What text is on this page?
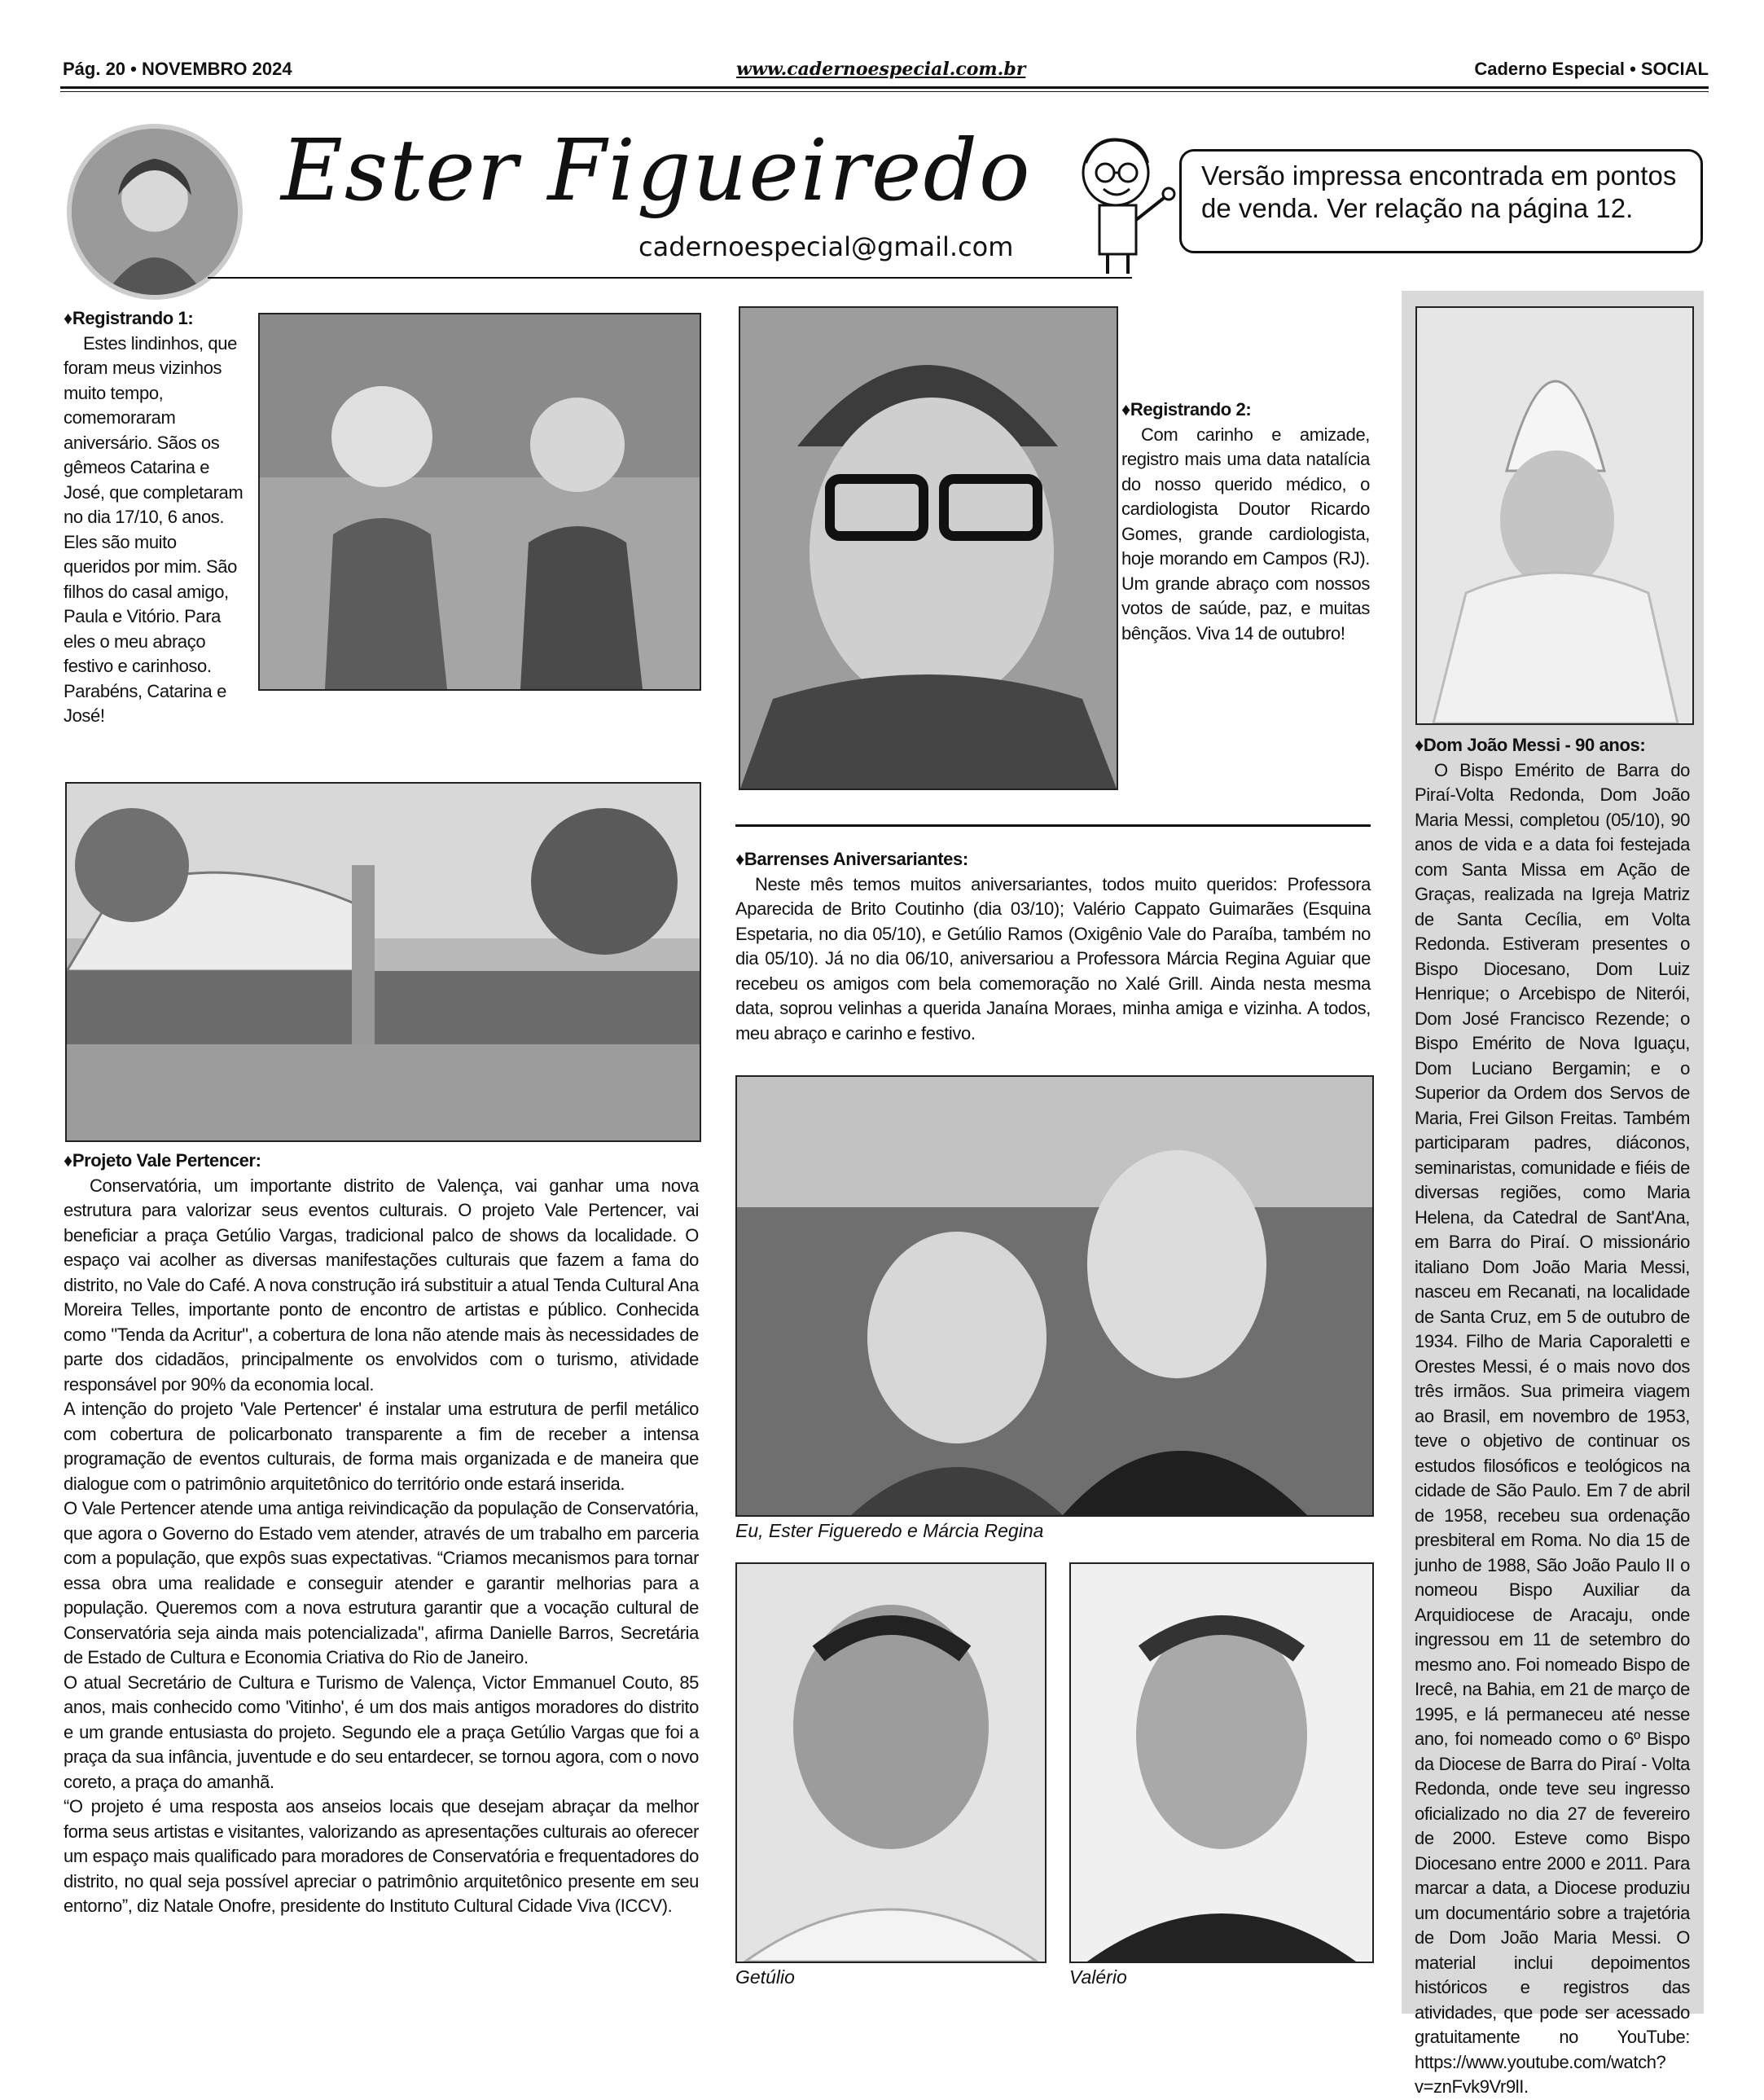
Pág. 20 • NOVEMBRO 2024	www.cadernoespecial.com.br	Caderno Especial • SOCIAL
Ester Figueiredo
cadernoespecial@gmail.com
Versão impressa encontrada em pontos de venda. Ver relação na página 12.

♦ Registrando 1:

Estes lindinhos, que foram meus vizinhos muito tempo, comemoraram aniversário. Sãos os gêmeos Catarina e José, que completaram no dia 17/10, 6 anos. Eles são muito queridos por mim. São filhos do casal amigo, Paula e Vitório. Para eles o meu abraço festivo e carinhoso. Parabéns, Catarina e José!

♦ Registrando 2:

Com carinho e amizade, registro mais uma data natalícia do nosso querido médico, o cardiologista Doutor Ricardo Gomes, grande cardiologista, hoje morando em Campos (RJ). Um grande abraço com nossos votos de saúde, paz, e muitas bênçãos. Viva 14 de outubro!

♦ Dom João Messi - 90 anos:

O Bispo Emérito de Barra do Piraí-Volta Redonda, Dom João Maria Messi, completou (05/10), 90 anos de vida e a data foi festejada com Santa Missa em Ação de Graças, realizada na Igreja Matriz de Santa Cecília, em Volta Redonda. Estiveram presentes o Bispo Diocesano, Dom Luiz Henrique; o Arcebispo de Niterói, Dom José Francisco Rezende; o Bispo Emérito de Nova Iguaçu, Dom Luciano Bergamin; e o Superior da Ordem dos Servos de Maria, Frei Gilson Freitas. Também participaram padres, diáconos, seminaristas, comunidade e fiéis de diversas regiões, como Maria Helena, da Catedral de Sant'Ana, em Barra do Piraí. O missionário italiano Dom João Maria Messi, nasceu em Recanati, na localidade de Santa Cruz, em 5 de outubro de 1934. Filho de Maria Caporaletti e Orestes Messi, é o mais novo dos três irmãos. Sua primeira viagem ao Brasil, em novembro de 1953, teve o objetivo de continuar os estudos filosóficos e teológicos na cidade de São Paulo. Em 7 de abril de 1958, recebeu sua ordenação presbiteral em Roma. No dia 15 de junho de 1988, São João Paulo II o nomeou Bispo Auxiliar da Arquidiocese de Aracaju, onde ingressou em 11 de setembro do mesmo ano. Foi nomeado Bispo de Irecê, na Bahia, em 21 de março de 1995, e lá permaneceu até nesse ano, foi nomeado como o 6º Bispo da Diocese de Barra do Piraí - Volta Redonda, onde teve seu ingresso oficializado no dia 27 de fevereiro de 2000. Esteve como Bispo Diocesano entre 2000 e 2011. Para marcar a data, a Diocese produziu um documentário sobre a trajetória de Dom João Maria Messi. O material inclui depoimentos históricos e registros das atividades, que pode ser acessado gratuitamente no YouTube: https://www.youtube.com/watch?v=znFvk9Vr9lI.

♦ Projeto Vale Pertencer:

Conservatória, um importante distrito de Valença, vai ganhar uma nova estrutura para valorizar seus eventos culturais. O projeto Vale Pertencer, vai beneficiar a praça Getúlio Vargas, tradicional palco de shows da localidade. O espaço vai acolher as diversas manifestações culturais que fazem a fama do distrito, no Vale do Café. A nova construção irá substituir a atual Tenda Cultural Ana Moreira Telles, importante ponto de encontro de artistas e público. Conhecida como "Tenda da Acritur", a cobertura de lona não atende mais às necessidades de parte dos cidadãos, principalmente os envolvidos com o turismo, atividade responsável por 90% da economia local.

A intenção do projeto 'Vale Pertencer' é instalar uma estrutura de perfil metálico com cobertura de policarbonato transparente a fim de receber a intensa programação de eventos culturais, de forma mais organizada e de maneira que dialogue com o patrimônio arquitetônico do território onde estará inserida.

O Vale Pertencer atende uma antiga reivindicação da população de Conservatória, que agora o Governo do Estado vem atender, através de um trabalho em parceria com a população, que expôs suas expectativas. “Criamos mecanismos para tornar essa obra uma realidade e conseguir atender e garantir melhorias para a população. Queremos com a nova estrutura garantir que a vocação cultural de Conservatória seja ainda mais potencializada", afirma Danielle Barros, Secretária de Estado de Cultura e Economia Criativa do Rio de Janeiro.

O atual Secretário de Cultura e Turismo de Valença, Victor Emmanuel Couto, 85 anos, mais conhecido como 'Vitinho', é um dos mais antigos moradores do distrito e um grande entusiasta do projeto. Segundo ele a praça Getúlio Vargas que foi a praça da sua infância, juventude e do seu entardecer, se tornou agora, com o novo coreto, a praça do amanhã.

“O projeto é uma resposta aos anseios locais que desejam abraçar da melhor forma seus artistas e visitantes, valorizando as apresentações culturais ao oferecer um espaço mais qualificado para moradores de Conservatória e frequentadores do distrito, no qual seja possível apreciar o patrimônio arquitetônico presente em seu entorno”, diz Natale Onofre, presidente do Instituto Cultural Cidade Viva (ICCV).

♦ Barrenses Aniversariantes:

Neste mês temos muitos aniversariantes, todos muito queridos: Professora Aparecida de Brito Coutinho (dia 03/10); Valério Cappato Guimarães (Esquina Espetaria, no dia 05/10), e Getúlio Ramos (Oxigênio Vale do Paraíba, também no dia 05/10). Já no dia 06/10, aniversariou a Professora Márcia Regina Aguiar que recebeu os amigos com bela comemoração no Xalé Grill. Ainda nesta mesma data, soprou velinhas a querida Janaína Moraes, minha amiga e vizinha. A todos, meu abraço e carinho e festivo.

Eu, Ester Figueredo e Márcia Regina
Getúlio	Valério
